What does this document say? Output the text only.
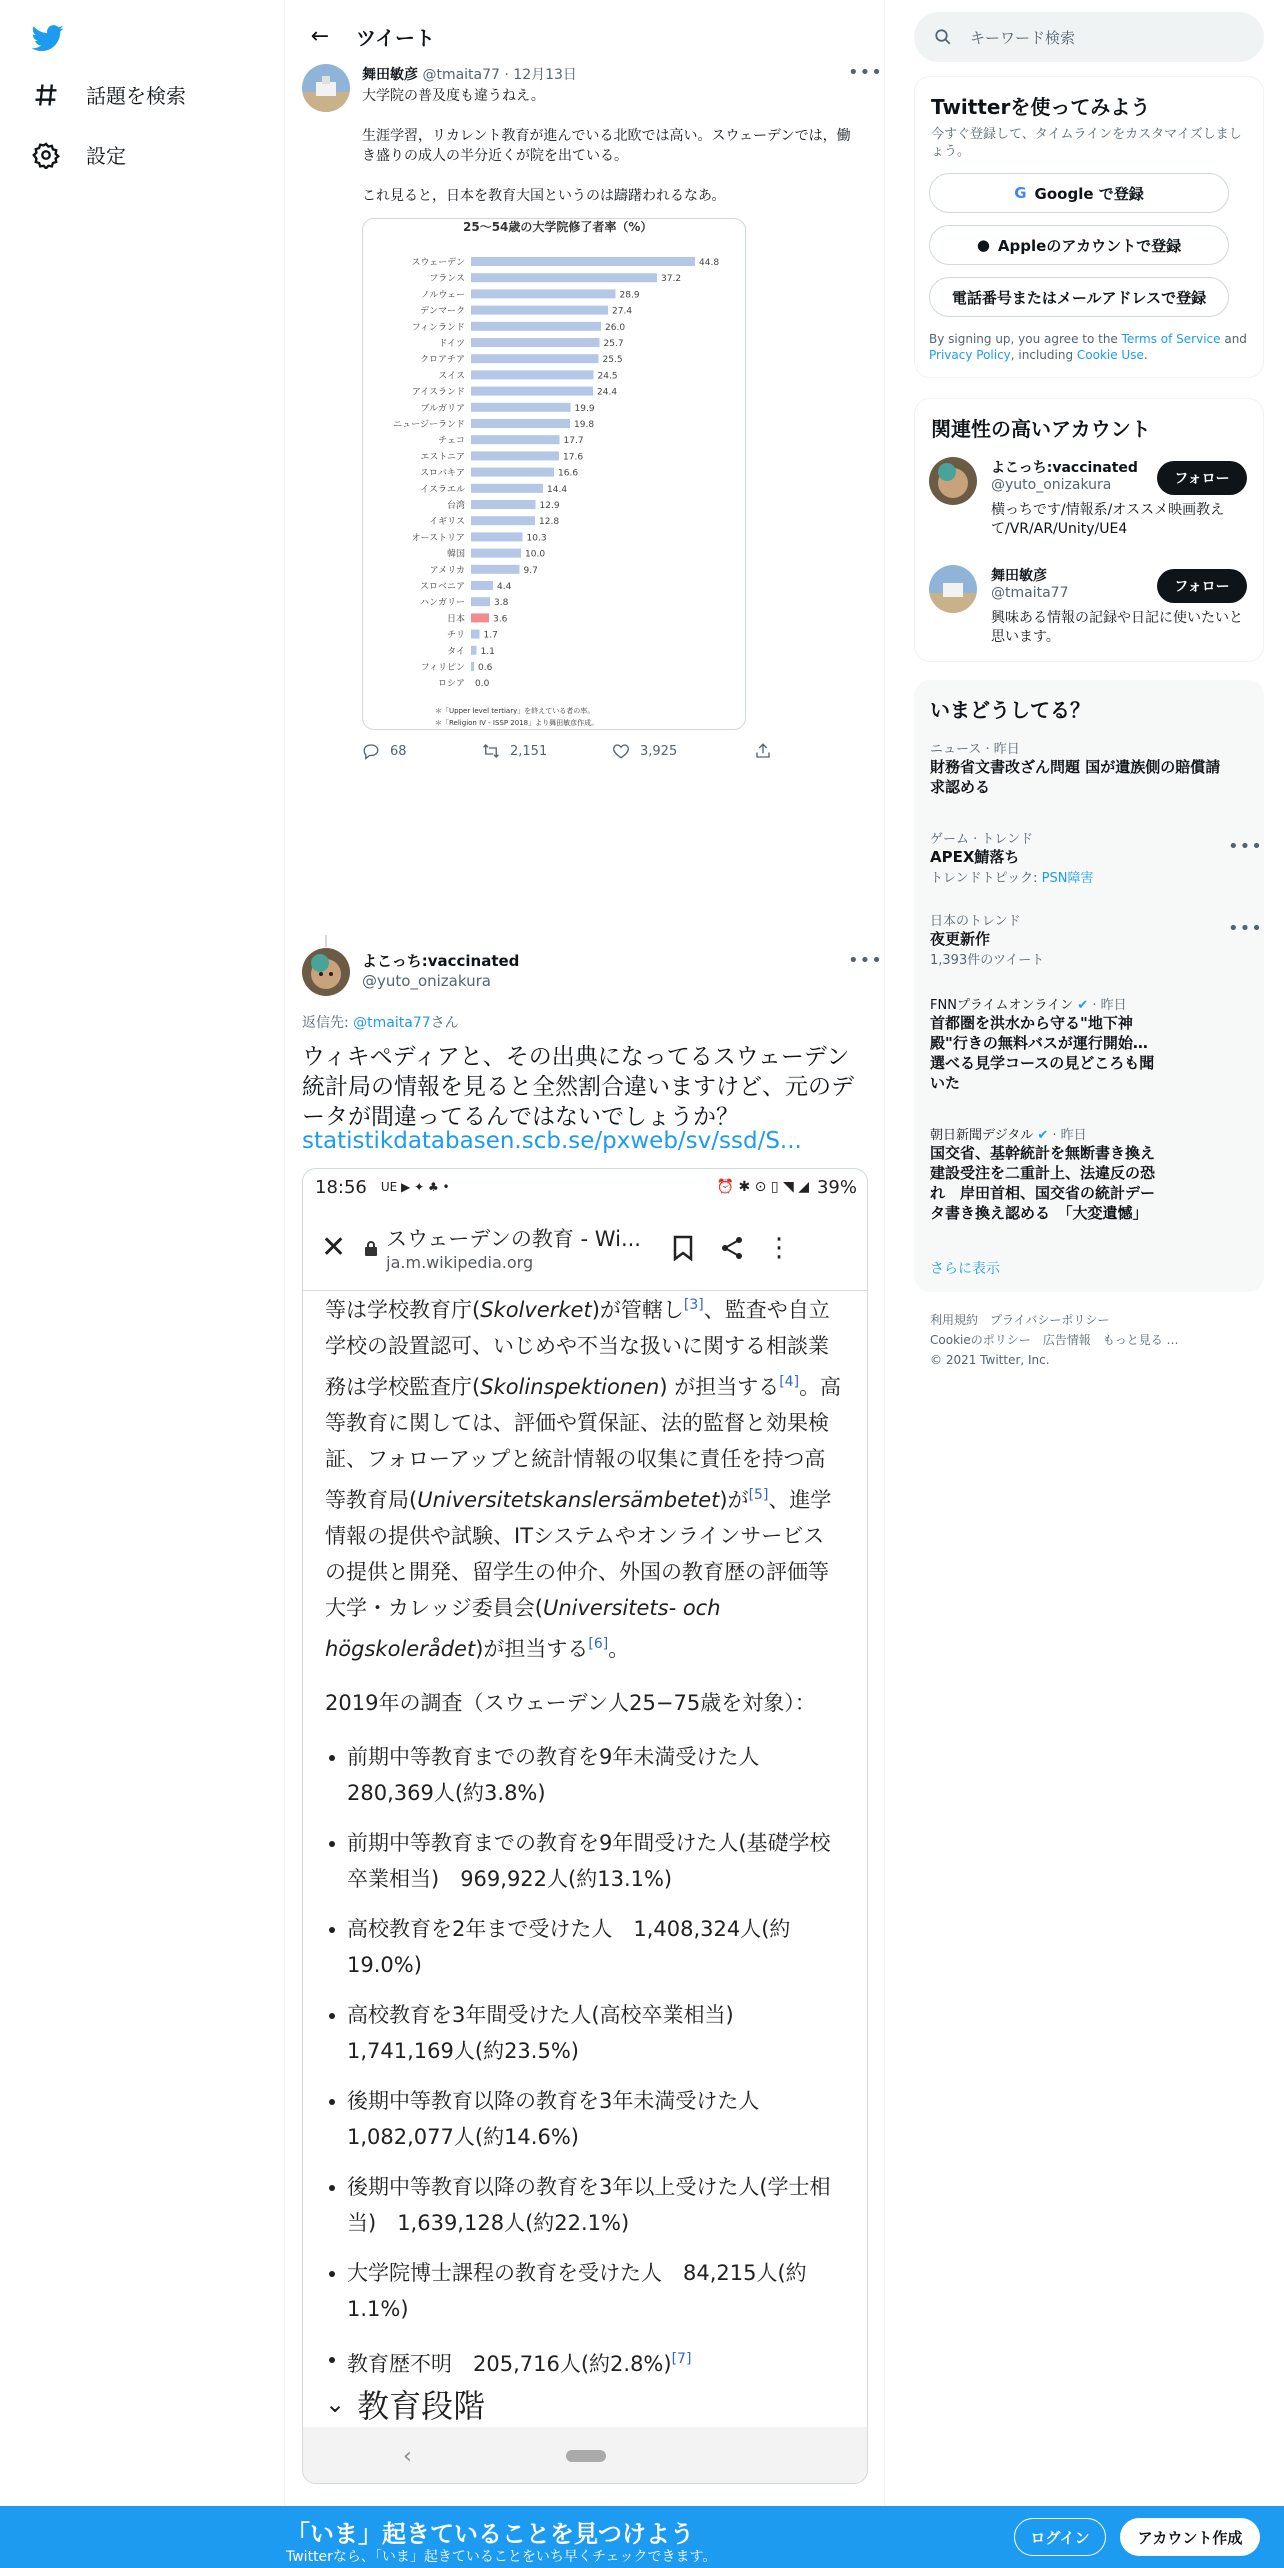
話題を検索
設定
←	ツイート
舞田敏彦 @tmaita77 · 12月13日	•••
大学院の普及度も違うねえ。

生涯学習，リカレント教育が進んでいる北欧では高い。スウェーデンでは，働き盛りの成人の半分近くが院を出ている。

これ見ると，日本を教育大国というのは躊躇われるなあ。
25〜54歳の大学院修了者率（%）
スウェーデン	44.8
フランス	37.2
ノルウェー	28.9
デンマーク	27.4
フィンランド	26.0
ドイツ	25.7
クロアチア	25.5
スイス	24.5
アイスランド	24.4
ブルガリア	19.9
ニュージーランド	19.8
チェコ	17.7
エストニア	17.6
スロバキア	16.6
イスラエル	14.4
台湾	12.9
イギリス	12.8
オーストリア	10.3
韓国	10.0
アメリカ	9.7
スロベニア	4.4
ハンガリー	3.8
日本	3.6
チリ 1.7
タイ 1.1
フィリピン 0.6
ロシア 0.0
＊「Upper level tertiary」を終えている者の率。
＊「Religion IV - ISSP 2018」より舞田敏彦作成。
68	2,151	3,925
よこっち:vaccinated
@yuto_onizakura
•••
返信先: @tmaita77さん
ウィキペディアと、その出典になってるスウェーデン統計局の情報を見ると全然割合違いますけど、元のデータが間違ってるんではないでしょうか？
statistikdatabasen.scb.se/pxweb/sv/ssd/S...
18:56 UE ▶ ✦ ♣ •	⏰ ✱ ⊙ ▯ ◥ ◢ 39%
✕ スウェーデンの教育 - Wi...
ja.m.wikipedia.org	⋮

等は学校教育庁(Skolverket)が管轄し[3]、監査や自立学校の設置認可、いじめや不当な扱いに関する相談業務は学校監査庁(Skolinspektionen) が担当する[4]。高等教育に関しては、評価や質保証、法的監督と効果検証、フォローアップと統計情報の収集に責任を持つ高等教育局(Universitetskanslersämbetet)が[5]、進学情報の提供や試験、ITシステムやオンラインサービスの提供と開発、留学生の仲介、外国の教育歴の評価等大学・カレッジ委員会(Universitets- och högskolerådet)が担当する[6]。

2019年の調査（スウェーデン人25−75歳を対象）：

前期中等教育までの教育を9年未満受けた人　280,369人(約3.8%)
前期中等教育までの教育を9年間受けた人(基礎学校卒業相当)　969,922人(約13.1%)
高校教育を2年まで受けた人　1,408,324人(約19.0%)
高校教育を3年間受けた人(高校卒業相当)　1,741,169人(約23.5%)
後期中等教育以降の教育を3年未満受けた人　1,082,077人(約14.6%)
後期中等教育以降の教育を3年以上受けた人(学士相当)　1,639,128人(約22.1%)
大学院博士課程の教育を受けた人　84,215人(約1.1%)
教育歴不明　205,716人(約2.8%)[7]
⌄ 教育段階
‹
キーワード検索
Twitterを使ってみよう
今すぐ登録して、タイムラインをカスタマイズしましょう。
G Google で登録
● Appleのアカウントで登録
電話番号またはメールアドレスで登録
By signing up, you agree to the Terms of Service and Privacy Policy, including Cookie Use.
関連性の高いアカウント
よこっち:vaccinated
@yuto_onizakura
横っちです/情報系/オススメ映画教えて/VR/AR/Unity/UE4
フォロー
舞田敏彦
@tmaita77
興味ある情報の記録や日記に使いたいと思います。
フォロー
いまどうしてる？
ニュース · 昨日
財務省文書改ざん問題 国が遺族側の賠償請求認める
ゲーム · トレンド
APEX鯖落ち
トレンドトピック: PSN障害
•••
日本のトレンド
夜更新作
1,393件のツイート
•••
FNNプライムオンライン ✔ · 昨日
首都圏を洪水から守る"地下神殿"行きの無料バスが運行開始…選べる見学コースの見どころも聞いた
朝日新聞デジタル ✔ · 昨日
国交省、基幹統計を無断書き換え 建設受注を二重計上、法違反の恐れ　岸田首相、国交省の統計データ書き換え認める　「大変遺憾」
さらに表示
利用規約　プライバシーポリシー
Cookieのポリシー　広告情報　もっと見る …
© 2021 Twitter, Inc.
「いま」起きていることを見つけよう
Twitterなら、「いま」起きていることをいち早くチェックできます。
ログイン	アカウント作成
